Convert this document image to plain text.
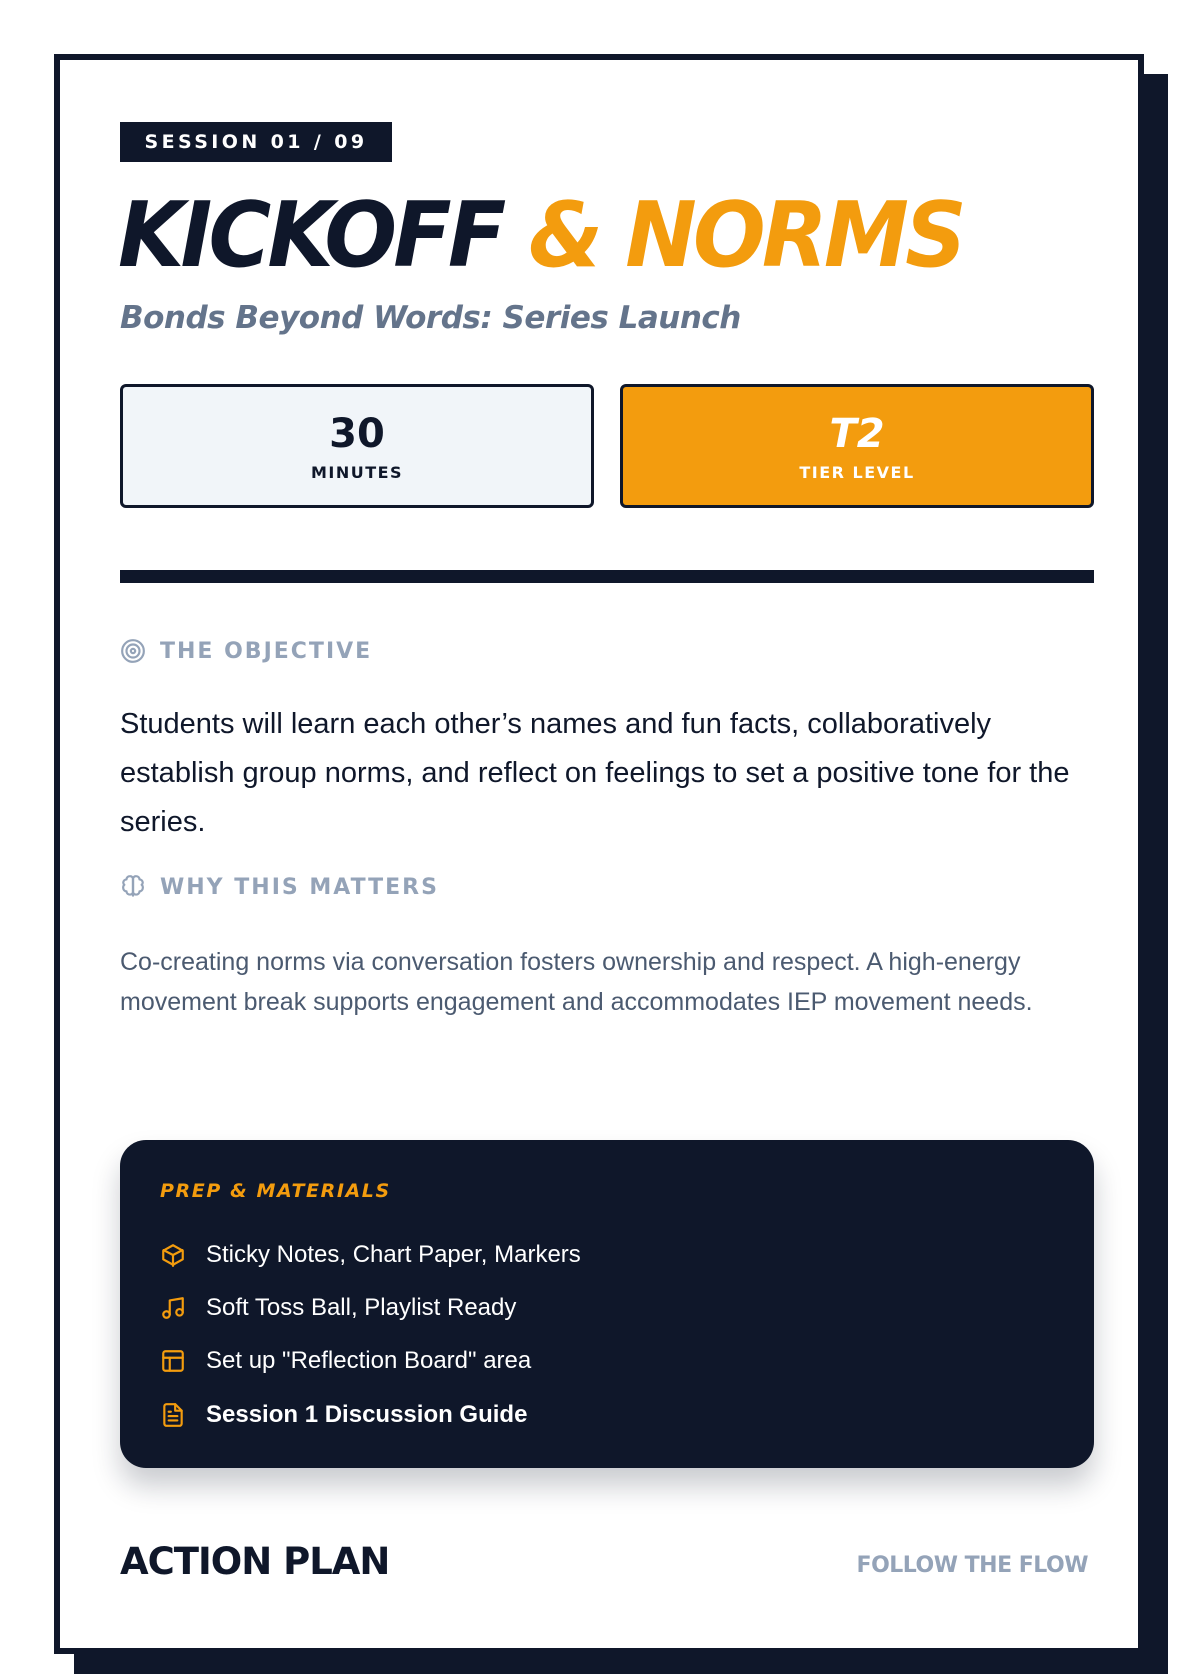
SESSION 01 / 09
KICKOFF & NORMS
Bonds Beyond Words: Series Launch
30
MINUTES
T2
TIER LEVEL
THE OBJECTIVE
Students will learn each other’s names and fun facts, collaboratively establish group norms, and reflect on feelings to set a positive tone for the series.
WHY THIS MATTERS
Co-creating norms via conversation fosters ownership and respect. A high-energy movement break supports engagement and accommodates IEP movement needs.
PREP & MATERIALS
Sticky Notes, Chart Paper, Markers
Soft Toss Ball, Playlist Ready
Set up "Reflection Board" area
Session 1 Discussion Guide
ACTION PLAN	FOLLOW THE FLOW
